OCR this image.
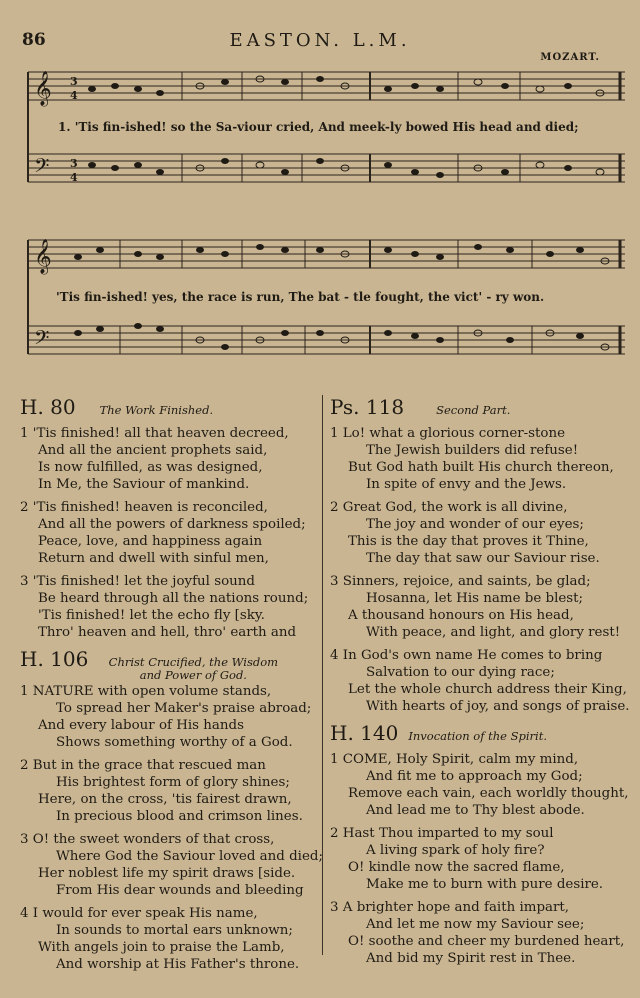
86	EASTON. L.M.
MOZART.
𝄞
𝄢
3
4
3
4
1. 'Tis fin-ished! so the Sa-viour cried, And meek-ly bowed His head and died;
𝄞
𝄢
'Tis fin-ished! yes, the race is run, The bat - tle fought, the vict' - ry won.
H. 80	The Work Finished.
1 'Tis finished! all that heaven decreed,
And all the ancient prophets said,
Is now fulfilled, as was designed,
In Me, the Saviour of mankind.
2 'Tis finished! heaven is reconciled,
And all the powers of darkness spoiled;
Peace, love, and happiness again
Return and dwell with sinful men,
3 'Tis finished! let the joyful sound
Be heard through all the nations round;
'Tis finished! let the echo fly [sky.
Thro' heaven and hell, thro' earth and
H. 106	Christ Crucified, the Wisdom and Power of God.
1 NATURE with open volume stands,
To spread her Maker's praise abroad;
And every labour of His hands
Shows something worthy of a God.
2 But in the grace that rescued man
His brightest form of glory shines;
Here, on the cross, 'tis fairest drawn,
In precious blood and crimson lines.
3 O! the sweet wonders of that cross,
Where God the Saviour loved and died;
Her noblest life my spirit draws [side.
From His dear wounds and bleeding
4 I would for ever speak His name,
In sounds to mortal ears unknown;
With angels join to praise the Lamb,
And worship at His Father's throne.
Ps. 118	Second Part.
1 Lo! what a glorious corner-stone
The Jewish builders did refuse!
But God hath built His church thereon,
In spite of envy and the Jews.
2 Great God, the work is all divine,
The joy and wonder of our eyes;
This is the day that proves it Thine,
The day that saw our Saviour rise.
3 Sinners, rejoice, and saints, be glad;
Hosanna, let His name be blest;
A thousand honours on His head,
With peace, and light, and glory rest!
4 In God's own name He comes to bring
Salvation to our dying race;
Let the whole church address their King,
With hearts of joy, and songs of praise.
H. 140 Invocation of the Spirit.
1 COME, Holy Spirit, calm my mind,
And fit me to approach my God;
Remove each vain, each worldly thought,
And lead me to Thy blest abode.
2 Hast Thou imparted to my soul
A living spark of holy fire?
O! kindle now the sacred flame,
Make me to burn with pure desire.
3 A brighter hope and faith impart,
And let me now my Saviour see;
O! soothe and cheer my burdened heart,
And bid my Spirit rest in Thee.
